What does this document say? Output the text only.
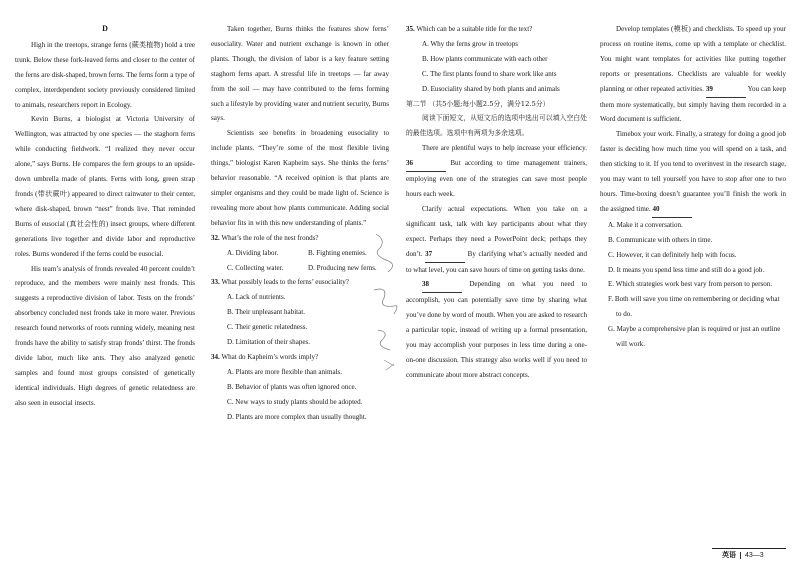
D

High in the treetops, strange ferns (蕨类植物) hold a tree trunk. Below these fork-leaved ferns and closer to the center of the ferns are disk-shaped, brown ferns. The ferns form a type of complex, interdependent society previously considered limited to animals, researchers report in Ecology.

Kevin Burns, a biologist at Victoria University of Wellington, was attracted by one species — the staghorn ferns while conducting fieldwork. “I realized they never occur alone,” says Burns. He compares the fern groups to an upside-down umbrella made of plants. Ferns with long, green strap fronds (带状蕨叶) appeared to direct rainwater to their center, where disk-shaped, brown “nest” fronds live. That reminded Burns of eusocial (真社会性的) insect groups, where different generations live together and divide labor and reproductive roles. Burns wondered if the ferns could be eusocial.

His team’s analysis of fronds revealed 40 percent couldn’t reproduce, and the members were mainly nest fronds. This suggests a reproductive division of labor. Tests on the fronds’ absorbency concluded nest fronds take in more water. Previous research found networks of roots running widely, meaning nest fronds have the ability to satisfy strap fronds’ thirst. The fronds divide labor, much like ants. They also analyzed genetic samples and found most groups consisted of genetically identical individuals. High degrees of genetic relatedness are also seen in eusocial insects.

Taken together, Burns thinks the features show ferns’ eusociality. Water and nutrient exchange is known in other plants. Though, the division of labor is a key feature setting staghorn ferns apart. A stressful life in treetops — far away from the soil — may have contributed to the ferns forming such a lifestyle by providing water and nutrient security, Burns says.

Scientists see benefits in broadening eusociality to include plants. “They’re some of the most flexible living things,” biologist Karen Kapheim says. She thinks the ferns’ behavior reasonable. “A received opinion is that plants are simpler organisms and they could be made light of. Science is revealing more about how plants communicate. Adding social behavior fits in with this new understanding of plants.”

32. What’s the role of the nest fronds?

A. Dividing labor.	B. Fighting enemies.
C. Collecting water.	D. Producing new ferns.

33. What possibly leads to the ferns’ eusociality?

A. Lack of nutrients.

B. Their unpleasant habitat.

C. Their genetic relatedness.

D. Limitation of their shapes.

34. What do Kapheim’s words imply?

A. Plants are more flexible than animals.

B. Behavior of plants was often ignored once.

C. New ways to study plants should be adopted.

D. Plants are more complex than usually thought.

35. Which can be a suitable title for the text?

A. Why the ferns grow in treetops

B. How plants communicate with each other

C. The first plants found to share work like ants

D. Eusociality shared by both plants and animals

第二节 （共5小题;每小题2.5分，满分12.5分）

阅读下面短文，从短文后的选项中选出可以填入空白处的最佳选项。选项中有两项为多余选项。

There are plentiful ways to help increase your efficiency. 36	But according to time management trainers, employing even one of the strategies can save most people hours each week.

Clarify actual expectations. When you take on a significant task, talk with key participants about what they expect. Perhaps they need a PowerPoint deck; perhaps they don’t. 37	By clarifying what’s actually needed and to what level, you can save hours of time on getting tasks done.

38	Depending on what you need to accomplish, you can potentially save time by sharing what you’ve done by word of mouth. When you are asked to research a particular topic, instead of writing up a formal presentation, you may accomplish your purposes in less time during a one-on-one discussion. This strategy also works well if you need to communicate about more abstract concepts.

Develop templates (模板) and checklists. To speed up your process on routine items, come up with a template or checklist. You might want templates for activities like putting together reports or presentations. Checklists are valuable for weekly planning or other repeated activities. 39	You can keep them more systematically, but simply having them recorded in a Word document is sufficient.

Timebox your work. Finally, a strategy for doing a good job faster is deciding how much time you will spend on a task, and then sticking to it. If you tend to overinvest in the research stage, you may want to tell yourself you have to stop after one to two hours. Time-boxing doesn’t guarantee you’ll finish the work in the assigned time. 40

A. Make it a conversation.

B. Communicate with others in time.

C. However, it can definitely help with focus.

D. It means you spend less time and still do a good job.

E. Which strategies work best vary from person to person.

F. Both will save you time on remembering or deciding what to do.

G. Maybe a comprehensive plan is required or just an outline will work.

英语 43—3
